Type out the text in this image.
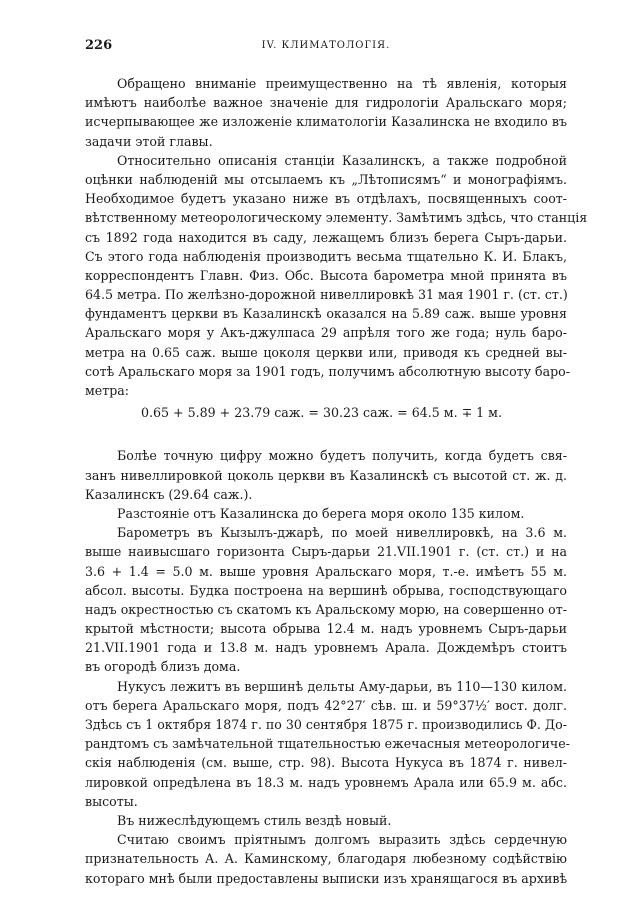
226	IV. КЛИМАТОЛОГІЯ.
Обращено вниманіе преимущественно на тѣ явленія, которыя
имѣютъ наиболѣе важное значеніе для гидрологіи Аральскаго моря;
исчерпывающее же изложеніе климатологіи Казалинска не входило въ
задачи этой главы.
Относительно описанія станціи Казалинскъ, а также подробной
оцѣнки наблюденій мы отсылаемъ къ „Лѣтописямъ“ и монографіямъ.
Необходимое будетъ указано ниже въ отдѣлахъ, посвященныхъ соот-
вѣтственному метеорологическому элементу. Замѣтимъ здѣсь, что станція
съ 1892 года находится въ саду, лежащемъ близъ берега Сыръ-дарьи.
Съ этого года наблюденія производитъ весьма тщательно К. И. Блакъ,
корреспондентъ Главн. Физ. Обс. Высота барометра мной принята въ
64.5 метра. По желѣзно-дорожной нивеллировкѣ 31 мая 1901 г. (ст. ст.)
фундаментъ церкви въ Казалинскѣ оказался на 5.89 саж. выше уровня
Аральскаго моря у Акъ-джулпаса 29 апрѣля того же года; нуль баро-
метра на 0.65 саж. выше цоколя церкви или, приводя къ средней вы-
сотѣ Аральскаго моря за 1901 годъ, получимъ абсолютную высоту баро-
метра:
0.65 + 5.89 + 23.79 саж. = 30.23 саж. = 64.5 м. ∓ 1 м.
Болѣе точную цифру можно будетъ получить, когда будетъ свя-
занъ нивеллировкой цоколь церкви въ Казалинскѣ съ высотой ст. ж. д.
Казалинскъ (29.64 саж.).
Разстояніе отъ Казалинска до берега моря около 135 килом.
Барометръ въ Кызылъ-джарѣ, по моей нивеллировкѣ, на 3.6 м.
выше наивысшаго горизонта Сыръ-дарьи 21.VII.1901 г. (ст. ст.) и на
3.6 + 1.4 = 5.0 м. выше уровня Аральскаго моря, т.-е. имѣетъ 55 м.
абсол. высоты. Будка построена на вершинѣ обрыва, господствующаго
надъ окрестностью съ скатомъ къ Аральскому морю, на совершенно от-
крытой мѣстности; высота обрыва 12.4 м. надъ уровнемъ Сыръ-дарьи
21.VII.1901 года и 13.8 м. надъ уровнемъ Арала. Дождемѣръ стоитъ
въ огородѣ близъ дома.
Нукусъ лежитъ въ вершинѣ дельты Аму-дарьи, въ 110—130 килом.
отъ берега Аральскаго моря, подъ 42°27′ сѣв. ш. и 59°37½′ вост. долг.
Здѣсь съ 1 октября 1874 г. по 30 сентября 1875 г. производились Ф. До-
рандтомъ съ замѣчательной тщательностью ежечасныя метеорологиче-
скія наблюденія (см. выше, стр. 98). Высота Нукуса въ 1874 г. нивел-
лировкой опредѣлена въ 18.3 м. надъ уровнемъ Арала или 65.9 м. абс.
высоты.
Въ нижеслѣдующемъ стиль вездѣ новый.
Считаю своимъ пріятнымъ долгомъ выразить здѣсь сердечную
признательность А. А. Каминскому, благодаря любезному содѣйствію
котораго мнѣ были предоставлены выписки изъ хранящагося въ архивѣ
